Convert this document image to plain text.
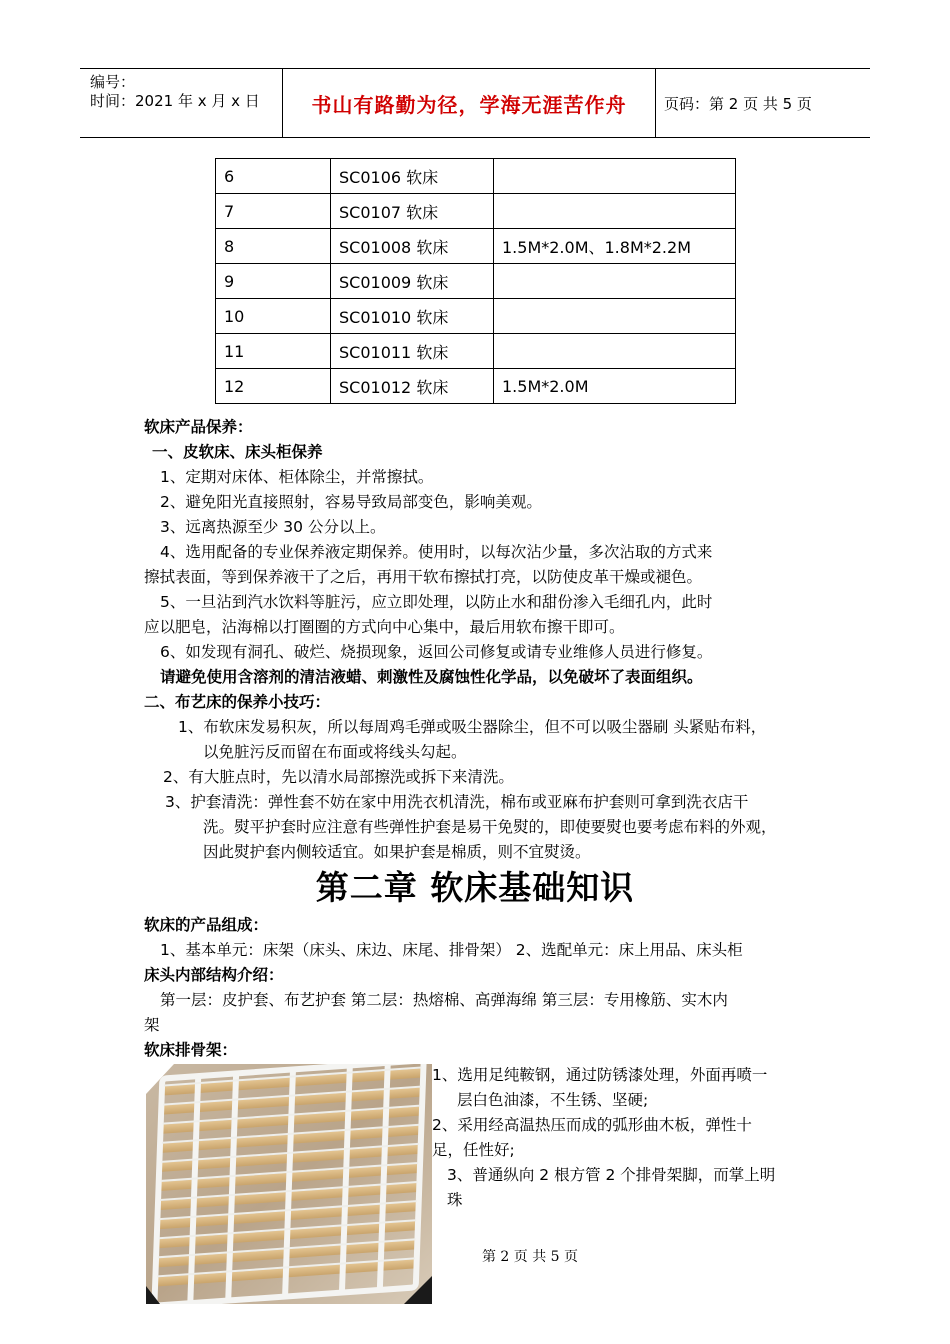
编号：
时间：2021 年 x 月 x 日	书山有路勤为径，学海无涯苦作舟	页码：第 2 页 共 5 页
6	SC0106 软床	
7	SC0107 软床	
8	SC01008 软床	1.5M*2.0M、1.8M*2.2M
9	SC01009 软床	
10	SC01010 软床	
11	SC01011 软床	
12	SC01012 软床	1.5M*2.0M
软床产品保养：
一、皮软床、床头柜保养
1、定期对床体、柜体除尘，并常擦拭。
2、避免阳光直接照射，容易导致局部变色，影响美观。
3、远离热源至少 30 公分以上。
4、选用配备的专业保养液定期保养。使用时，以每次沾少量，多次沾取的方式来
擦拭表面，等到保养液干了之后，再用干软布擦拭打亮，以防使皮革干燥或褪色。
5、一旦沾到汽水饮料等脏污，应立即处理，以防止水和甜份渗入毛细孔内，此时
应以肥皂，沾海棉以打圈圈的方式向中心集中，最后用软布擦干即可。
6、如发现有洞孔、破烂、烧损现象，返回公司修复或请专业维修人员进行修复。
请避免使用含溶剂的清洁液蜡、刺激性及腐蚀性化学品，以免破坏了表面组织。
二、布艺床的保养小技巧：
1、布软床发易积灰，所以每周鸡毛弹或吸尘器除尘，但不可以吸尘器刷 头紧贴布料，
以免脏污反而留在布面或将线头勾起。
2、有大脏点时，先以清水局部擦洗或拆下来清洗。
3、护套清洗：弹性套不妨在家中用洗衣机清洗，棉布或亚麻布护套则可拿到洗衣店干
洗。熨平护套时应注意有些弹性护套是易干免熨的，即使要熨也要考虑布料的外观，
因此熨护套内侧较适宜。如果护套是棉质，则不宜熨烫。
第二章 软床基础知识
软床的产品组成：
1、基本单元：床架（床头、床边、床尾、排骨架） 2、选配单元：床上用品、床头柜
床头内部结构介绍：
第一层：皮护套、布艺护套 第二层：热熔棉、高弹海绵 第三层：专用橡筋、实木内
架
软床排骨架：
1、选用足纯鞍钢，通过防锈漆处理，外面再喷一
层白色油漆，不生锈、坚硬;
2、采用经高温热压而成的弧形曲木板，弹性十
足，任性好;
3、普通纵向 2 根方管 2 个排骨架脚，而掌上明
珠
第 2 页 共 5 页
